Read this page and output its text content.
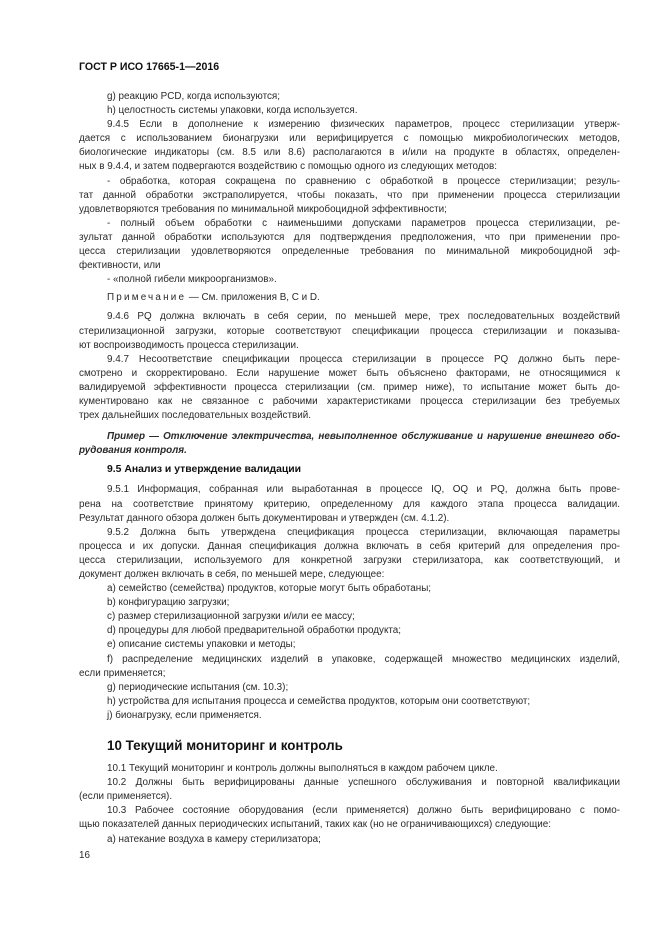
ГОСТ Р ИСО 17665-1—2016
g) реакцию PCD, когда используются;
h) целостность системы упаковки, когда используется.
9.4.5 Если в дополнение к измерению физических параметров, процесс стерилизации утверж-
дается с использованием бионагрузки или верифицируется с помощью микробиологических методов,
биологические индикаторы (см. 8.5 или 8.6) располагаются в и/или на продукте в областях, определен-
ных в 9.4.4, и затем подвергаются воздействию с помощью одного из следующих методов:
- обработка, которая сокращена по сравнению с обработкой в процессе стерилизации; резуль-
тат данной обработки экстраполируется, чтобы показать, что при применении процесса стерилизации
удовлетворяются требования по минимальной микробоцидной эффективности;
- полный объем обработки с наименьшими допусками параметров процесса стерилизации, ре-
зультат данной обработки используются для подтверждения предположения, что при применении про-
цесса стерилизации удовлетворяются определенные требования по минимальной микробоцидной эф-
фективности, или
- «полной гибели микроорганизмов».
Примечание — См. приложения B, C и D.
9.4.6 PQ должна включать в себя серии, по меньшей мере, трех последовательных воздействий
стерилизационной загрузки, которые соответствуют спецификации процесса стерилизации и показыва-
ют воспроизводимость процесса стерилизации.
9.4.7 Несоответствие спецификации процесса стерилизации в процессе PQ должно быть пере-
смотрено и скорректировано. Если нарушение может быть объяснено факторами, не относящимися к
валидируемой эффективности процесса стерилизации (см. пример ниже), то испытание может быть до-
кументировано как не связанное с рабочими характеристиками процесса стерилизации без требуемых
трех дальнейших последовательных воздействий.
Пример — Отключение электричества, невыполненное обслуживание и нарушение внешнего обо-
рудования контроля.
9.5 Анализ и утверждение валидации
9.5.1 Информация, собранная или выработанная в процессе IQ, OQ и PQ, должна быть прове-
рена на соответствие принятому критерию, определенному для каждого этапа процесса валидации.
Результат данного обзора должен быть документирован и утвержден (см. 4.1.2).
9.5.2 Должна быть утверждена спецификация процесса стерилизации, включающая параметры
процесса и их допуски. Данная спецификация должна включать в себя критерий для определения про-
цесса стерилизации, используемого для конкретной загрузки стерилизатора, как соответствующий, и
документ должен включать в себя, по меньшей мере, следующее:
a) семейство (семейства) продуктов, которые могут быть обработаны;
b) конфигурацию загрузки;
c) размер стерилизационной загрузки и/или ее массу;
d) процедуры для любой предварительной обработки продукта;
e) описание системы упаковки и методы;
f) распределение медицинских изделий в упаковке, содержащей множество медицинских изделий,
если применяется;
g) периодические испытания (см. 10.3);
h) устройства для испытания процесса и семейства продуктов, которым они соответствуют;
j) бионагрузку, если применяется.
10 Текущий мониторинг и контроль
10.1 Текущий мониторинг и контроль должны выполняться в каждом рабочем цикле.
10.2 Должны быть верифицированы данные успешного обслуживания и повторной квалификации
(если применяется).
10.3 Рабочее состояние оборудования (если применяется) должно быть верифицировано с помо-
щью показателей данных периодических испытаний, таких как (но не ограничивающихся) следующие:
a) натекание воздуха в камеру стерилизатора;
16
